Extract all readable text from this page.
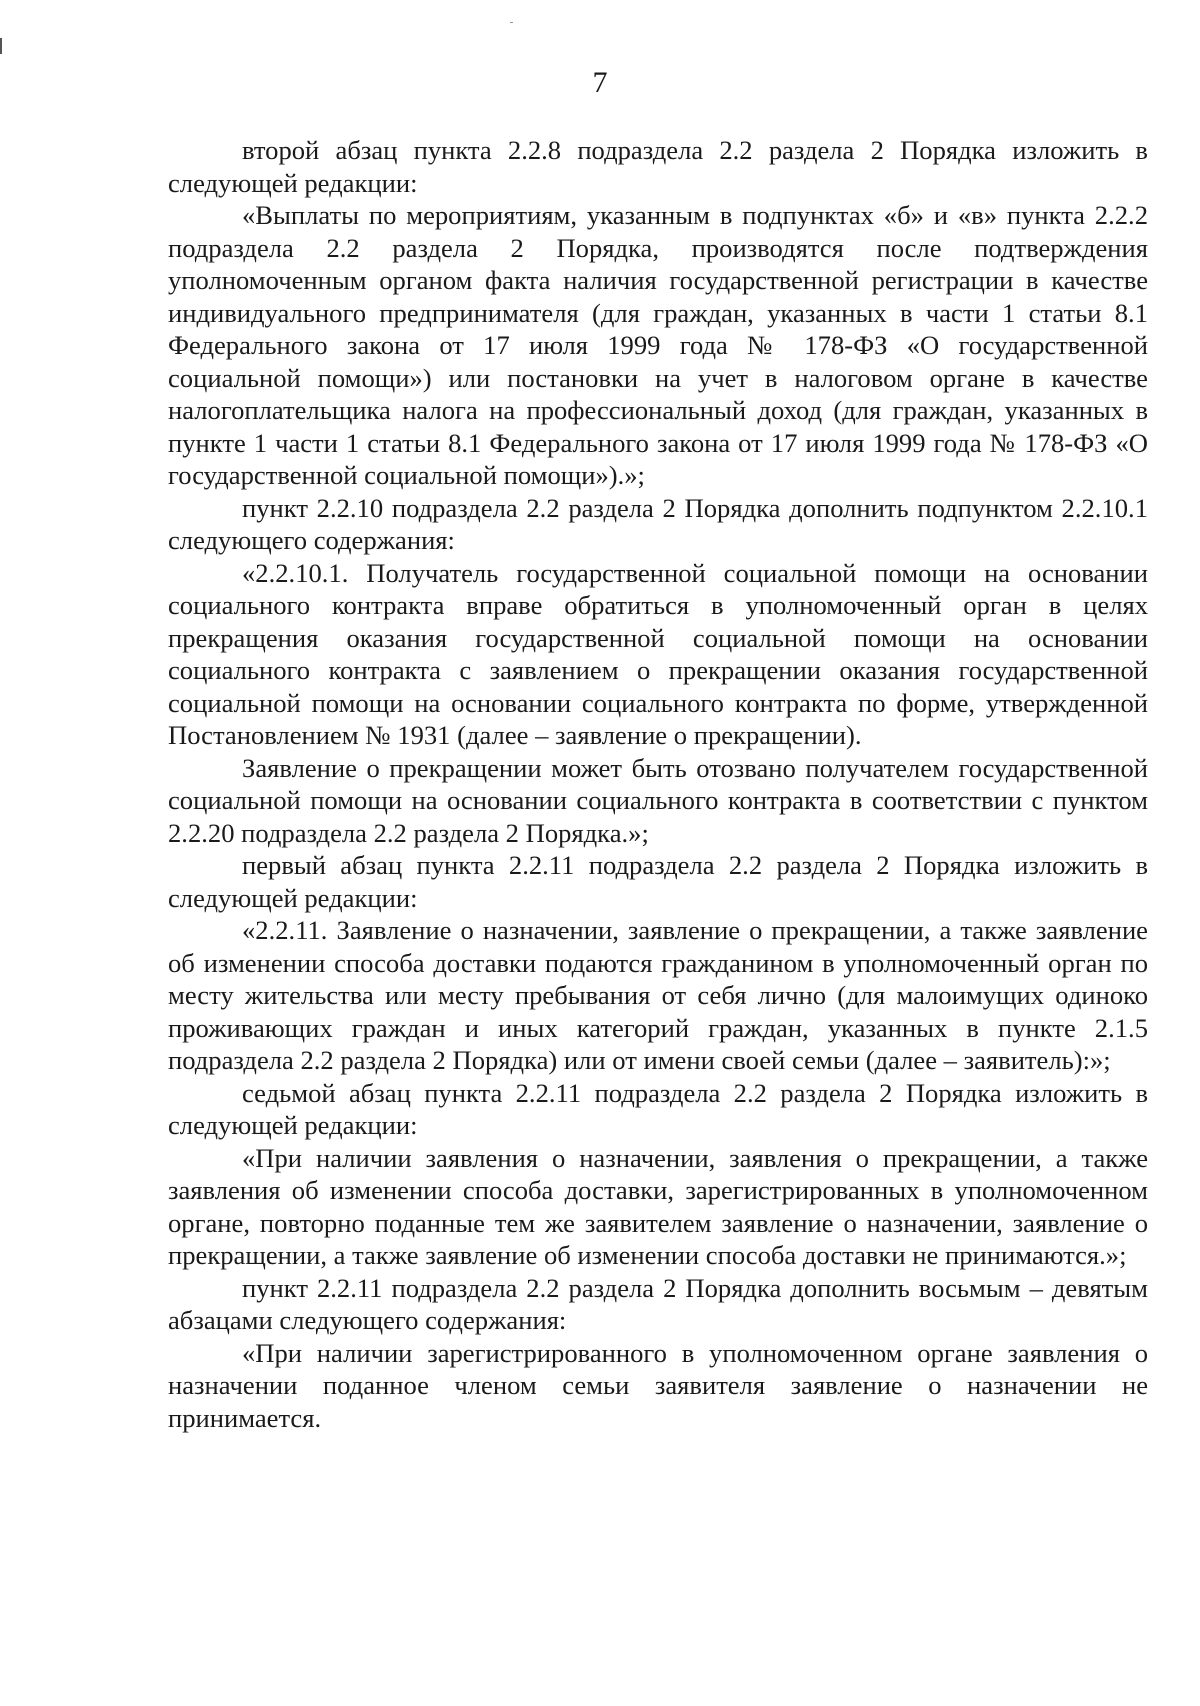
7

второй абзац пункта 2.2.8 подраздела 2.2 раздела 2 Порядка изложить в следующей редакции:

«Выплаты по мероприятиям, указанным в подпунктах «б» и «в» пункта 2.2.2 подраздела 2.2 раздела 2 Порядка, производятся после подтверждения уполномоченным органом факта наличия государственной регистрации в качестве индивидуального предпринимателя (для граждан, указанных в части 1 статьи 8.1 Федерального закона от 17 июля 1999 года № 178-ФЗ «О государственной социальной помощи») или постановки на учет в налоговом органе в качестве налогоплательщика налога на профессиональный доход (для граждан, указанных в пункте 1 части 1 статьи 8.1 Федерального закона от 17 июля 1999 года № 178-ФЗ «О государственной социальной помощи»).»;

пункт 2.2.10 подраздела 2.2 раздела 2 Порядка дополнить подпунктом 2.2.10.1 следующего содержания:

«2.2.10.1. Получатель государственной социальной помощи на основании социального контракта вправе обратиться в уполномоченный орган в целях прекращения оказания государственной социальной помощи на основании социального контракта с заявлением о прекращении оказания государственной социальной помощи на основании социального контракта по форме, утвержденной Постановлением № 1931 (далее – заявление о прекращении).

Заявление о прекращении может быть отозвано получателем государственной социальной помощи на основании социального контракта в соответствии с пунктом 2.2.20 подраздела 2.2 раздела 2 Порядка.»;

первый абзац пункта 2.2.11 подраздела 2.2 раздела 2 Порядка изложить в следующей редакции:

«2.2.11. Заявление о назначении, заявление о прекращении, а также заявление об изменении способа доставки подаются гражданином в уполномоченный орган по месту жительства или месту пребывания от себя лично (для малоимущих одиноко проживающих граждан и иных категорий граждан, указанных в пункте 2.1.5 подраздела 2.2 раздела 2 Порядка) или от имени своей семьи (далее – заявитель):»;

седьмой абзац пункта 2.2.11 подраздела 2.2 раздела 2 Порядка изложить в следующей редакции:

«При наличии заявления о назначении, заявления о прекращении, а также заявления об изменении способа доставки, зарегистрированных в уполномоченном органе, повторно поданные тем же заявителем заявление о назначении, заявление о прекращении, а также заявление об изменении способа доставки не принимаются.»;

пункт 2.2.11 подраздела 2.2 раздела 2 Порядка дополнить восьмым – девятым абзацами следующего содержания:

«При наличии зарегистрированного в уполномоченном органе заявления о назначении поданное членом семьи заявителя заявление о назначении не принимается.
